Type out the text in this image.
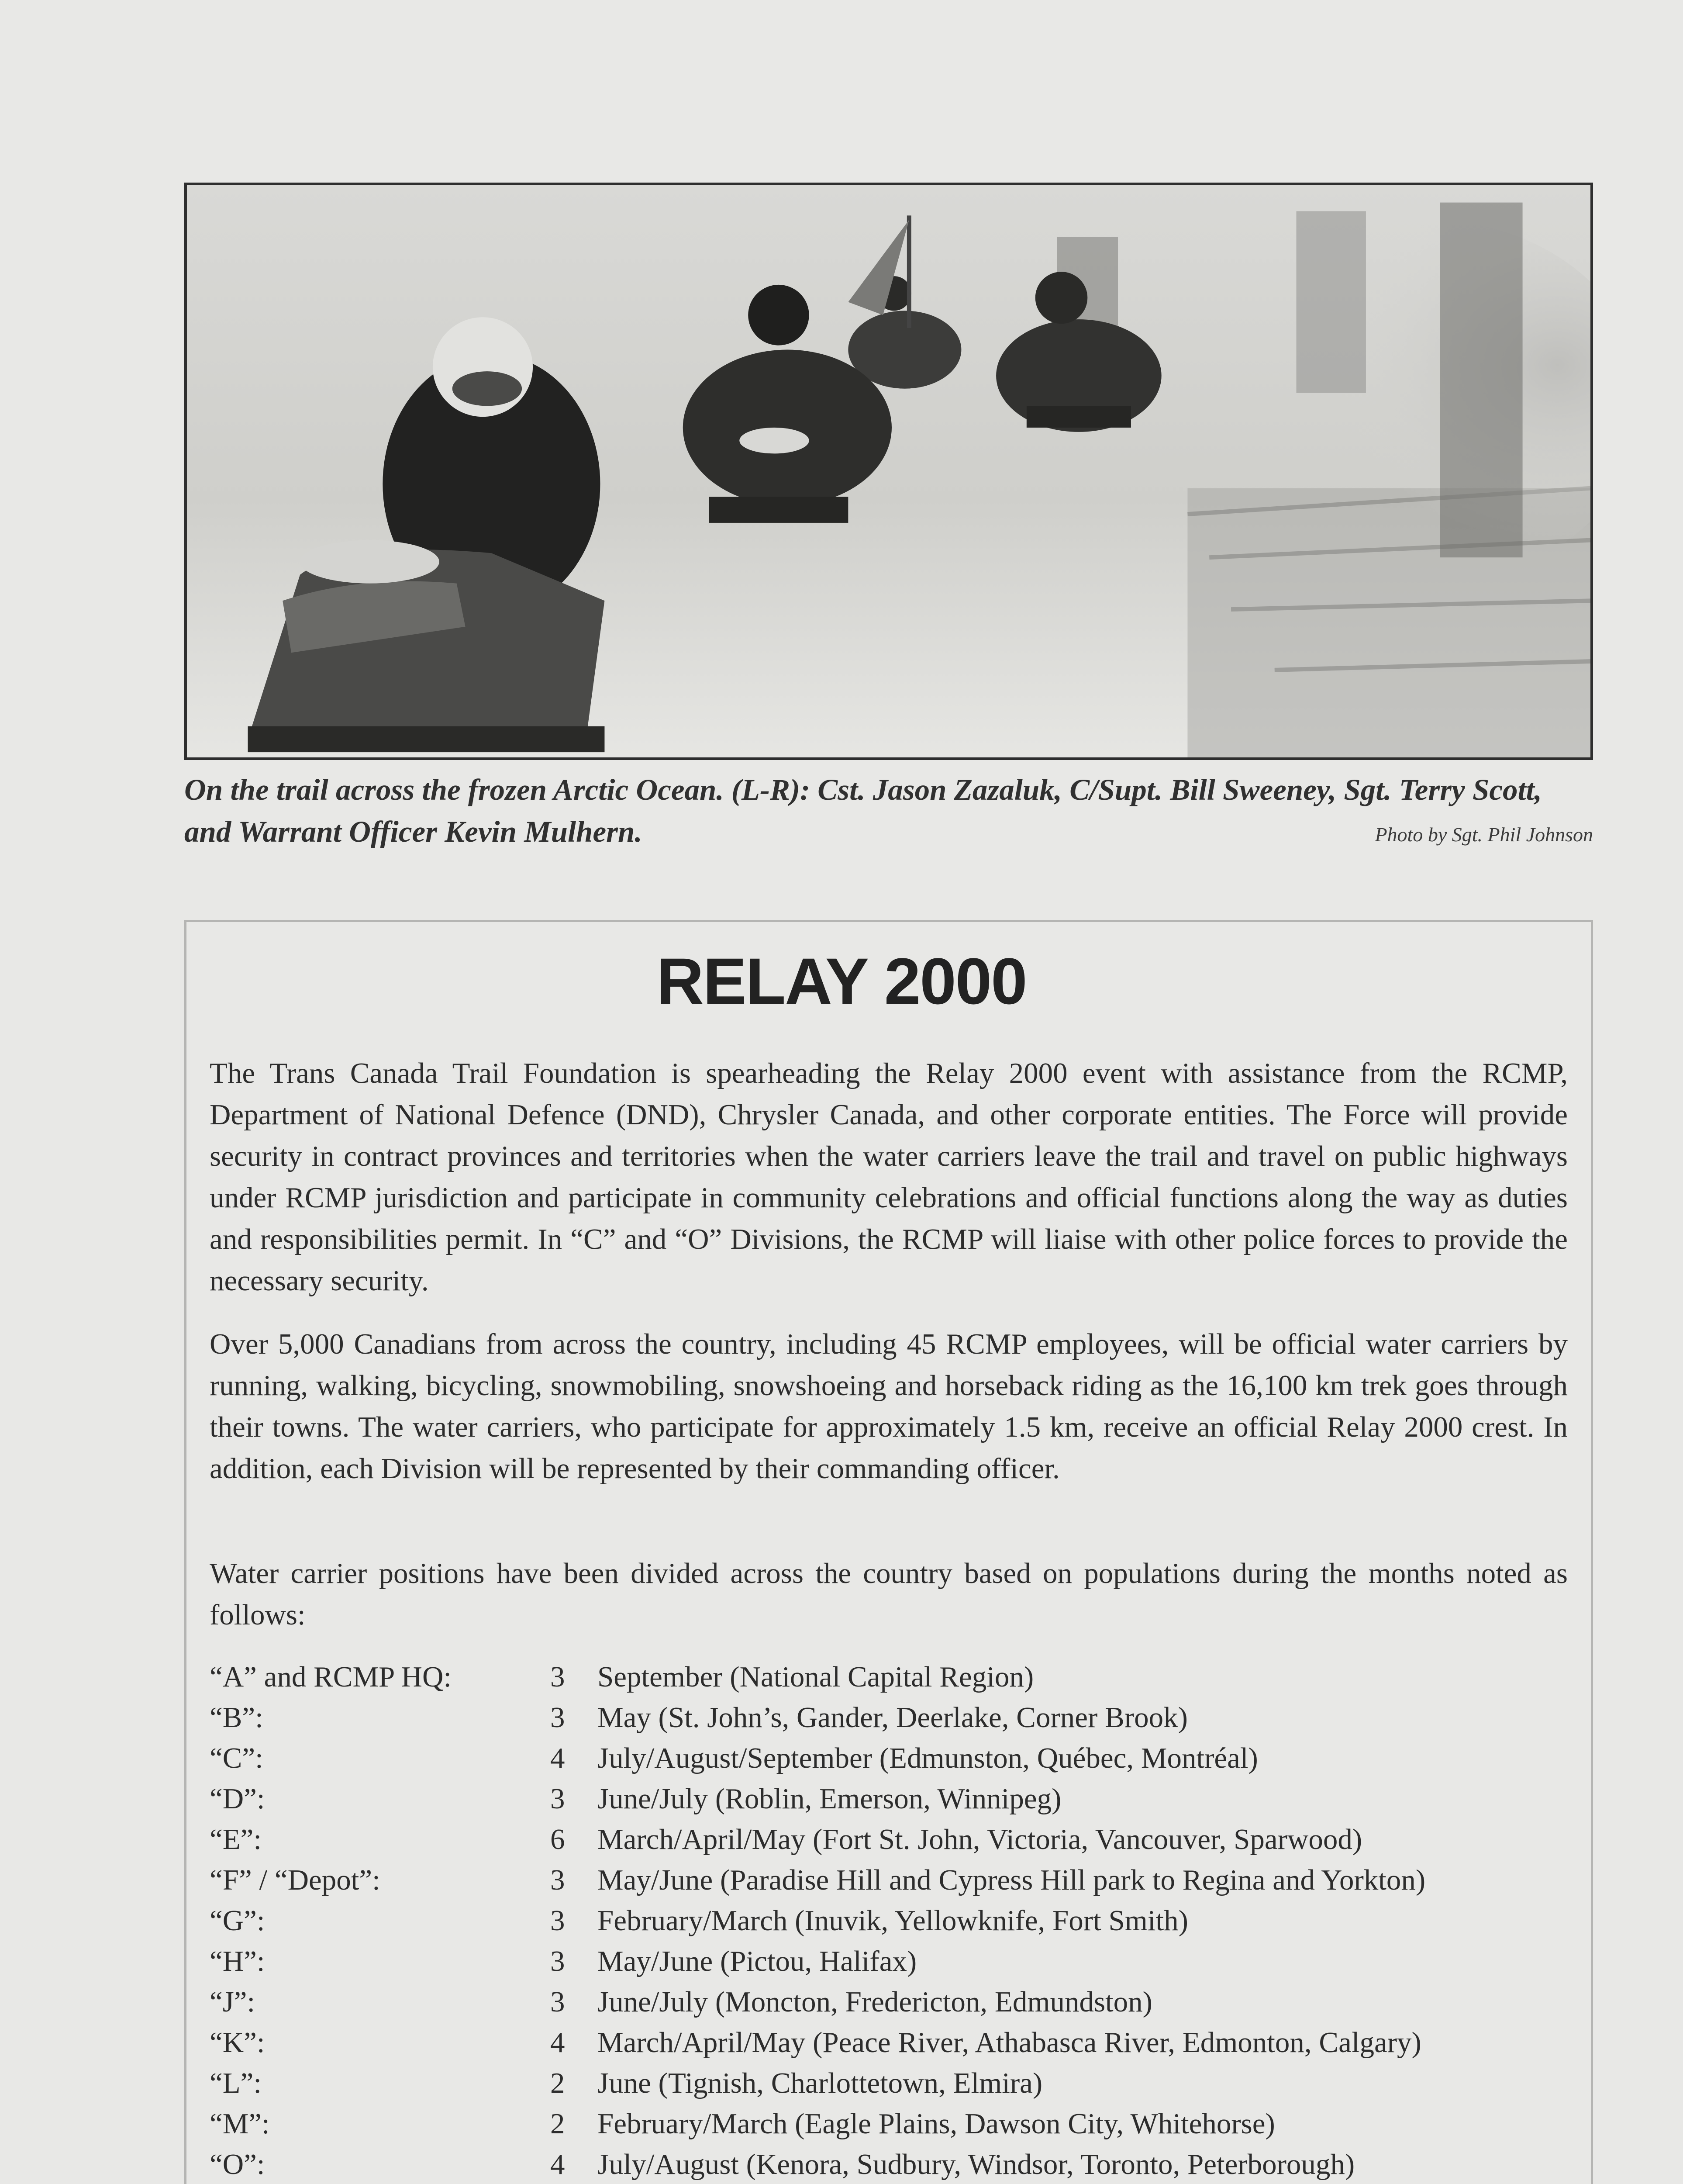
On the trail across the frozen Arctic Ocean. (L-R): Cst. Jason Zazaluk, C/Supt. Bill Sweeney, Sgt. Terry Scott, and Warrant Officer Kevin Mulhern.	Photo by Sgt. Phil Johnson
RELAY 2000

The Trans Canada Trail Foundation is spearheading the Relay 2000 event with assistance from the RCMP, Department of National Defence (DND), Chrysler Canada, and other corporate entities. The Force will provide security in contract provinces and territories when the water carriers leave the trail and travel on public highways under RCMP jurisdiction and participate in community celebrations and official functions along the way as duties and responsibilities permit. In “C” and “O” Divisions, the RCMP will liaise with other police forces to provide the necessary security.

Over 5,000 Canadians from across the country, including 45 RCMP employees, will be official water carriers by running, walking, bicycling, snowmobiling, snowshoeing and horseback riding as the 16,100 km trek goes through their towns. The water carriers, who participate for approximately 1.5 km, receive an official Relay 2000 crest. In addition, each Division will be represented by their commanding officer.

Water carrier positions have been divided across the country based on populations during the months noted as follows:

“A” and RCMP HQ:	3	September (National Capital Region)
“B”:	3	May (St. John’s, Gander, Deerlake, Corner Brook)
“C”:	4	July/August/September (Edmunston, Québec, Montréal)
“D”:	3	June/July (Roblin, Emerson, Winnipeg)
“E”:	6	March/April/May (Fort St. John, Victoria, Vancouver, Sparwood)
“F” / “Depot”:	3	May/June (Paradise Hill and Cypress Hill park to Regina and Yorkton)
“G”:	3	February/March (Inuvik, Yellowknife, Fort Smith)
“H”:	3	May/June (Pictou, Halifax)
“J”:	3	June/July (Moncton, Fredericton, Edmundston)
“K”:	4	March/April/May (Peace River, Athabasca River, Edmonton, Calgary)
“L”:	2	June (Tignish, Charlottetown, Elmira)
“M”:	2	February/March (Eagle Plains, Dawson City, Whitehorse)
“O”:	4	July/August (Kenora, Sudbury, Windsor, Toronto, Peterborough)
